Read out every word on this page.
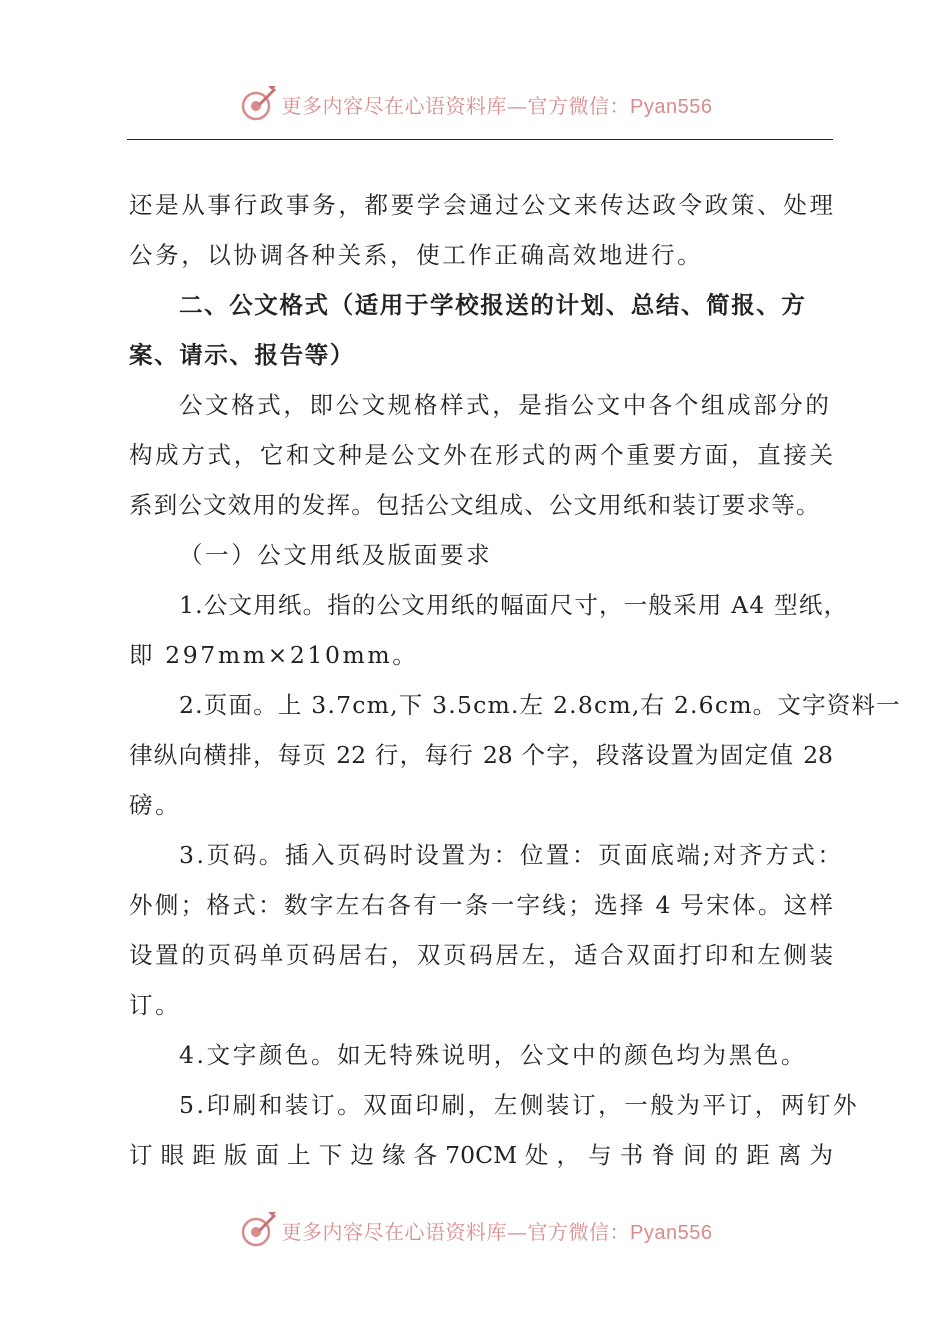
更多内容尽在心语资料库—官方微信：Pyan556
还是从事行政事务，都要学会通过公文来传达政令政策、处理
公务，以协调各种关系，使工作正确高效地进行。
二、公文格式（适用于学校报送的计划、总结、简报、方
案、请示、报告等）
公文格式，即公文规格样式，是指公文中各个组成部分的
构成方式，它和文种是公文外在形式的两个重要方面，直接关
系到公文效用的发挥。包括公文组成、公文用纸和装订要求等。
（一）公文用纸及版面要求
1.公文用纸。指的公文用纸的幅面尺寸，一般采用 A4 型纸，
即 297mm×210mm。
2.页面。上 3.7cm,下 3.5cm.左 2.8cm,右 2.6cm。文字资料一
律纵向横排，每页 22 行，每行 28 个字，段落设置为固定值 28
磅。
3.页码。插入页码时设置为：位置：页面底端;对齐方式：
外侧；格式：数字左右各有一条一字线；选择 4 号宋体。这样
设置的页码单页码居右，双页码居左，适合双面打印和左侧装
订。
4.文字颜色。如无特殊说明，公文中的颜色均为黑色。
5.印刷和装订。双面印刷，左侧装订，一般为平订，两钉外
订 眼 距 版 面 上 下 边 缘 各 70CM 处 ， 与 书 脊 间 的 距 离 为
更多内容尽在心语资料库—官方微信：Pyan556
